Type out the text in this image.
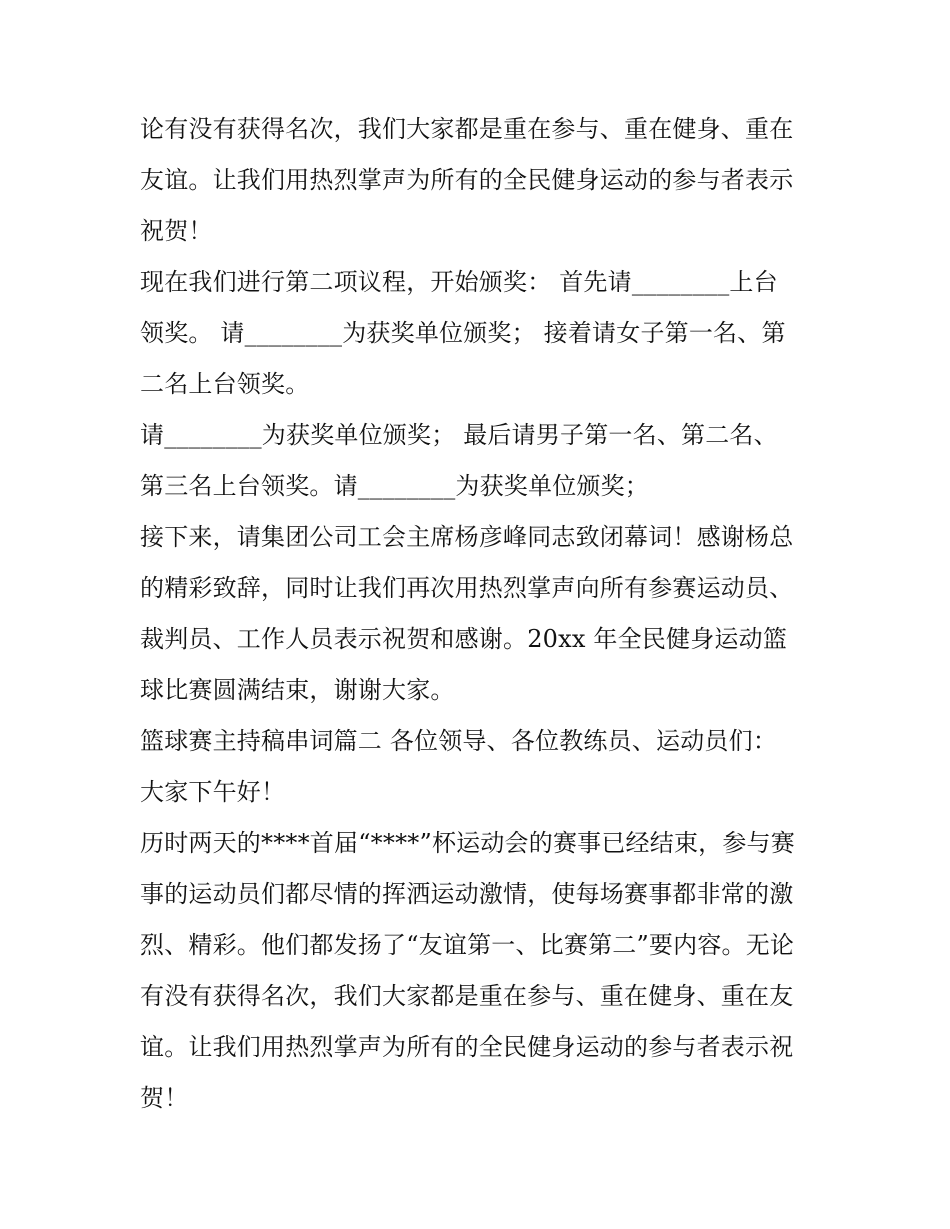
论有没有获得名次，我们大家都是重在参与、重在健身、重在
友谊。让我们用热烈掌声为所有的全民健身运动的参与者表示
祝贺！
现在我们进行第二项议程，开始颁奖： 首先请________上台
领奖。 请________为获奖单位颁奖； 接着请女子第一名、第
二名上台领奖。
请________为获奖单位颁奖； 最后请男子第一名、第二名、
第三名上台领奖。请________为获奖单位颁奖；
接下来，请集团公司工会主席杨彦峰同志致闭幕词！感谢杨总
的精彩致辞，同时让我们再次用热烈掌声向所有参赛运动员、
裁判员、工作人员表示祝贺和感谢。20xx 年全民健身运动篮
球比赛圆满结束，谢谢大家。
篮球赛主持稿串词篇二 各位领导、各位教练员、运动员们：
大家下午好！
历时两天的****首届“****”杯运动会的赛事已经结束，参与赛
事的运动员们都尽情的挥洒运动激情，使每场赛事都非常的激
烈、精彩。他们都发扬了“友谊第一、比赛第二”要内容。无论
有没有获得名次，我们大家都是重在参与、重在健身、重在友
谊。让我们用热烈掌声为所有的全民健身运动的参与者表示祝
贺！
